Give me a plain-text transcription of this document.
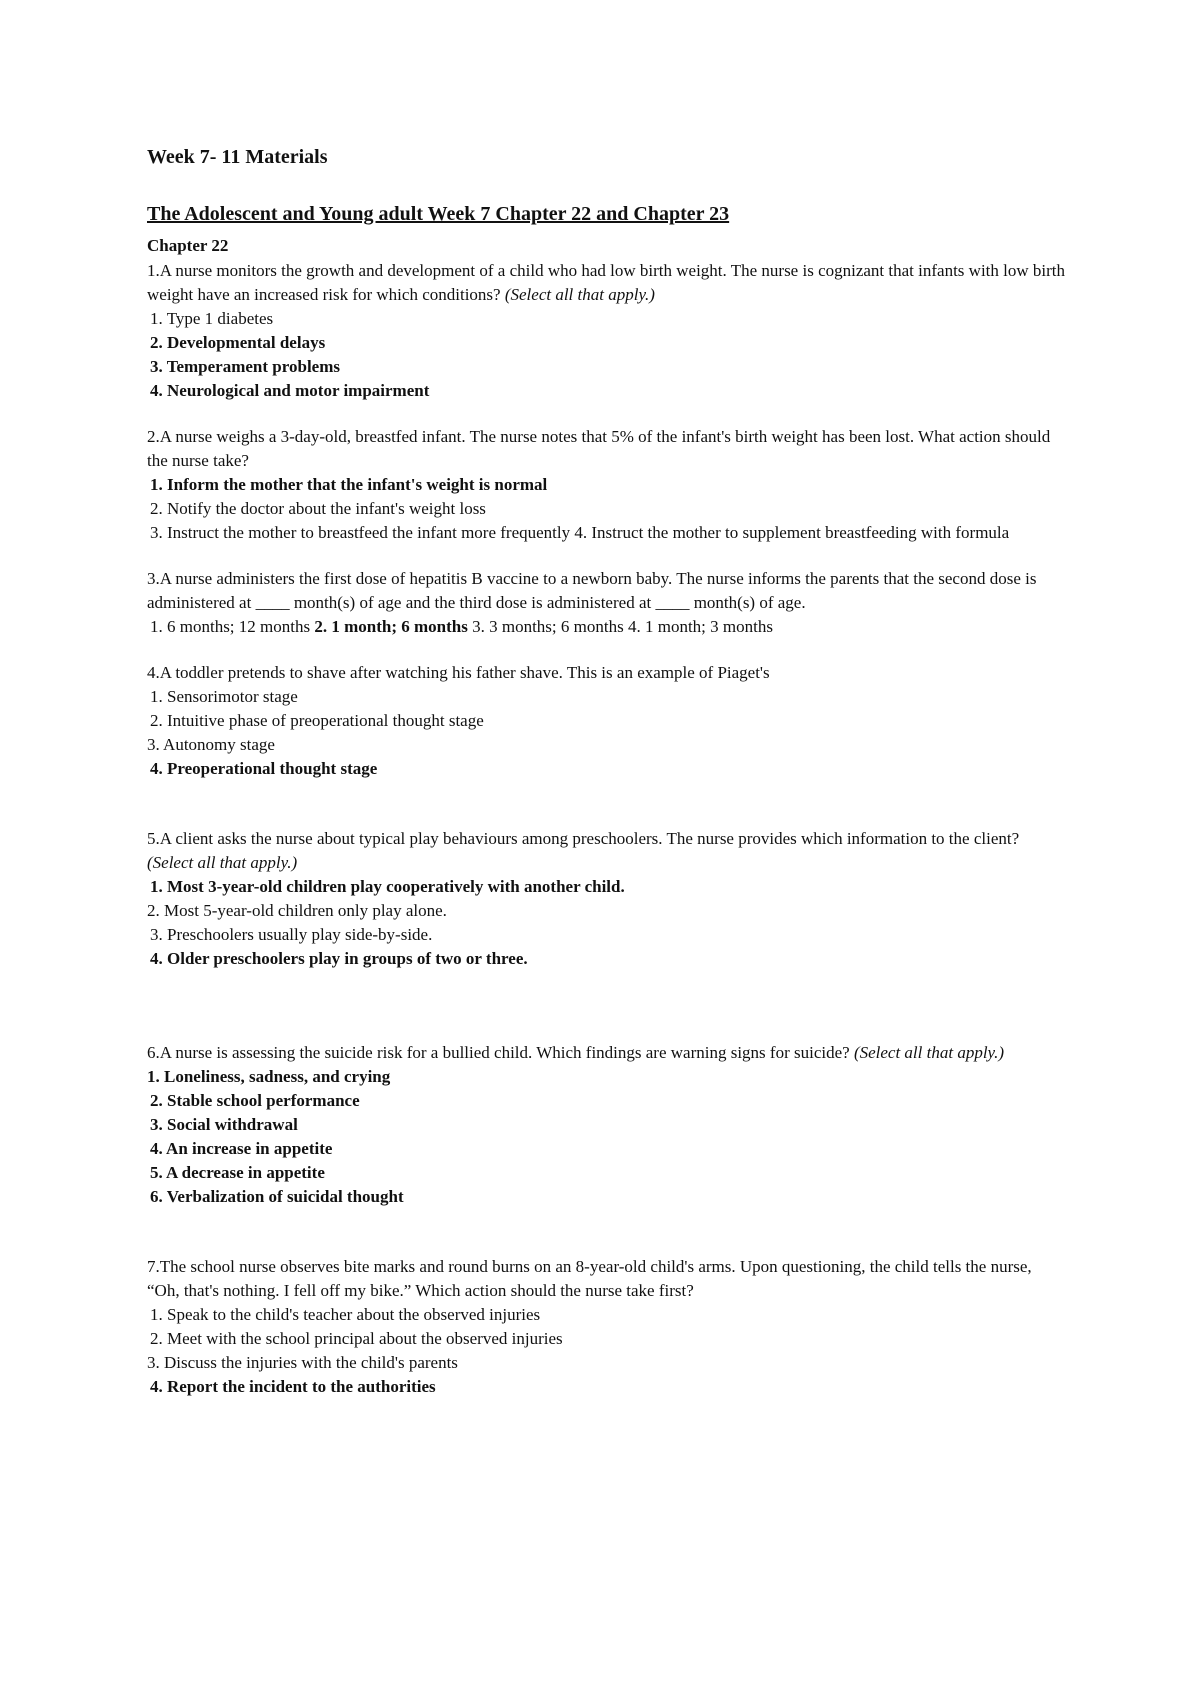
Week 7- 11 Materials
The Adolescent and Young adult Week 7 Chapter 22 and Chapter 23
Chapter 22

1.A nurse monitors the growth and development of a child who had low birth weight. The nurse is cognizant that infants with low birth weight have an increased risk for which conditions? (Select all that apply.)

1. Type 1 diabetes

2. Developmental delays

3. Temperament problems

4. Neurological and motor impairment

2.A nurse weighs a 3-day-old, breastfed infant. The nurse notes that 5% of the infant's birth weight has been lost. What action should the nurse take?

1. Inform the mother that the infant's weight is normal

2. Notify the doctor about the infant's weight loss

3. Instruct the mother to breastfeed the infant more frequently 4. Instruct the mother to supplement breastfeeding with formula

3.A nurse administers the first dose of hepatitis B vaccine to a newborn baby. The nurse informs the parents that the second dose is administered at ____ month(s) of age and the third dose is administered at ____ month(s) of age.

1. 6 months; 12 months 2. 1 month; 6 months 3. 3 months; 6 months 4. 1 month; 3 months

4.A toddler pretends to shave after watching his father shave. This is an example of Piaget's

1. Sensorimotor stage

2. Intuitive phase of preoperational thought stage

3. Autonomy stage

4. Preoperational thought stage

5.A client asks the nurse about typical play behaviours among preschoolers. The nurse provides which information to the client? (Select all that apply.)

1. Most 3-year-old children play cooperatively with another child.

2. Most 5-year-old children only play alone.

3. Preschoolers usually play side-by-side.

4. Older preschoolers play in groups of two or three.

6.A nurse is assessing the suicide risk for a bullied child. Which findings are warning signs for suicide? (Select all that apply.)

1. Loneliness, sadness, and crying

2. Stable school performance

3. Social withdrawal

4. An increase in appetite

5. A decrease in appetite

6. Verbalization of suicidal thought

7.The school nurse observes bite marks and round burns on an 8-year-old child's arms. Upon questioning, the child tells the nurse, “Oh, that's nothing. I fell off my bike.” Which action should the nurse take first?

1. Speak to the child's teacher about the observed injuries

2. Meet with the school principal about the observed injuries

3. Discuss the injuries with the child's parents

4. Report the incident to the authorities
